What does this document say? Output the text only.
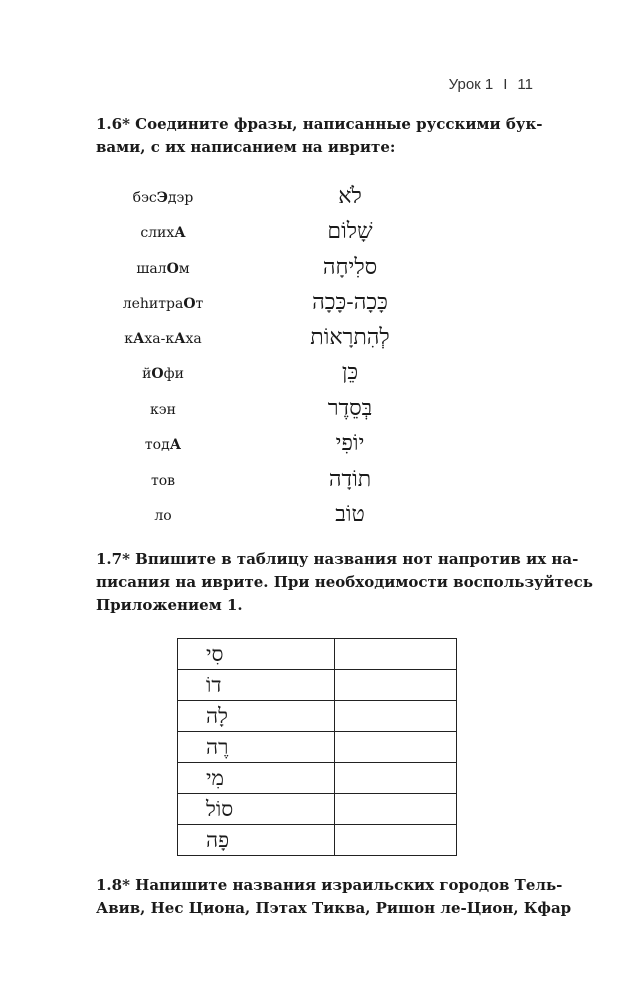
Урок 1 I 11
1.6* Соедините фразы, написанные русскими бук-
вами, с их написанием на иврите:
бэсЭдэр	לֹא
слихА	שָׁלוֹם
шалОм	סלִיחָה
леhитраОт	כָּכָה-כָּכָה
кАха-кАха	לְהִתרָאוֹת
йОфи	כֵּן
кэн	בְּסֵדֶר
тодА	יוֹפִי
тов	תוֹדָה
ло	טוֹב
1.7* Впишите в таблицу названия нот напротив их на-
писания на иврите. При необходимости воспользуйтесь
Приложением 1.
סִי	
דוֹ	
לָה	
רֶה	
מִי	
סוֹל	
פָה	
1.8* Напишите названия израильских городов Тель-
Авив, Нес Циона, Пэтах Тиква, Ришон ле-Цион, Кфар
